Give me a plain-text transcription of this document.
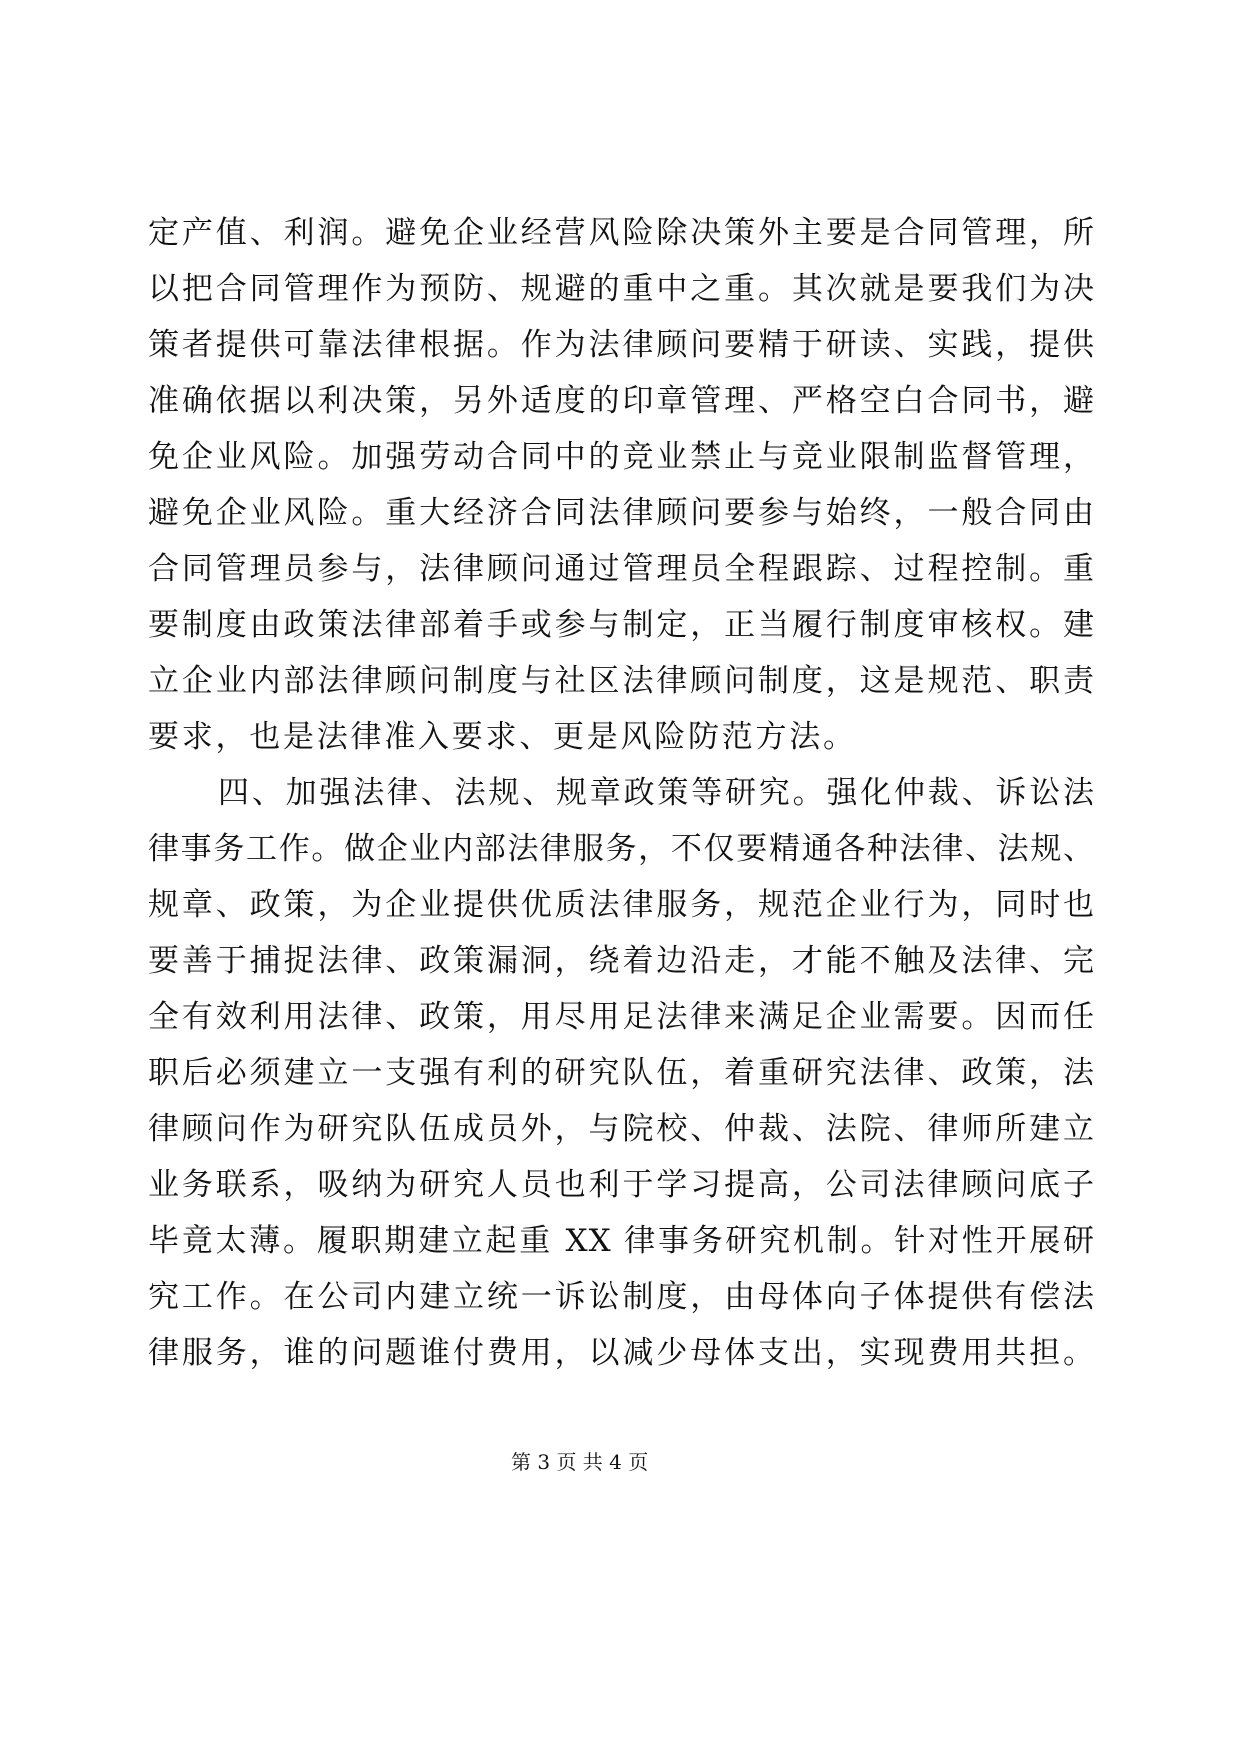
定产值、利润。避免企业经营风险除决策外主要是合同管理，所
以把合同管理作为预防、规避的重中之重。其次就是要我们为决
策者提供可靠法律根据。作为法律顾问要精于研读、实践，提供
准确依据以利决策，另外适度的印章管理、严格空白合同书，避
免企业风险。加强劳动合同中的竞业禁止与竞业限制监督管理，
避免企业风险。重大经济合同法律顾问要参与始终，一般合同由
合同管理员参与，法律顾问通过管理员全程跟踪、过程控制。重
要制度由政策法律部着手或参与制定，正当履行制度审核权。建
立企业内部法律顾问制度与社区法律顾问制度，这是规范、职责
要求，也是法律准入要求、更是风险防范方法。
四、加强法律、法规、规章政策等研究。强化仲裁、诉讼法
律事务工作。做企业内部法律服务，不仅要精通各种法律、法规、
规章、政策，为企业提供优质法律服务，规范企业行为，同时也
要善于捕捉法律、政策漏洞，绕着边沿走，才能不触及法律、完
全有效利用法律、政策，用尽用足法律来满足企业需要。因而任
职后必须建立一支强有利的研究队伍，着重研究法律、政策，法
律顾问作为研究队伍成员外，与院校、仲裁、法院、律师所建立
业务联系，吸纳为研究人员也利于学习提高，公司法律顾问底子
毕竟太薄。履职期建立起重 XX 律事务研究机制。针对性开展研
究工作。在公司内建立统一诉讼制度，由母体向子体提供有偿法
律服务，谁的问题谁付费用，以减少母体支出，实现费用共担。
第 3 页 共 4 页
